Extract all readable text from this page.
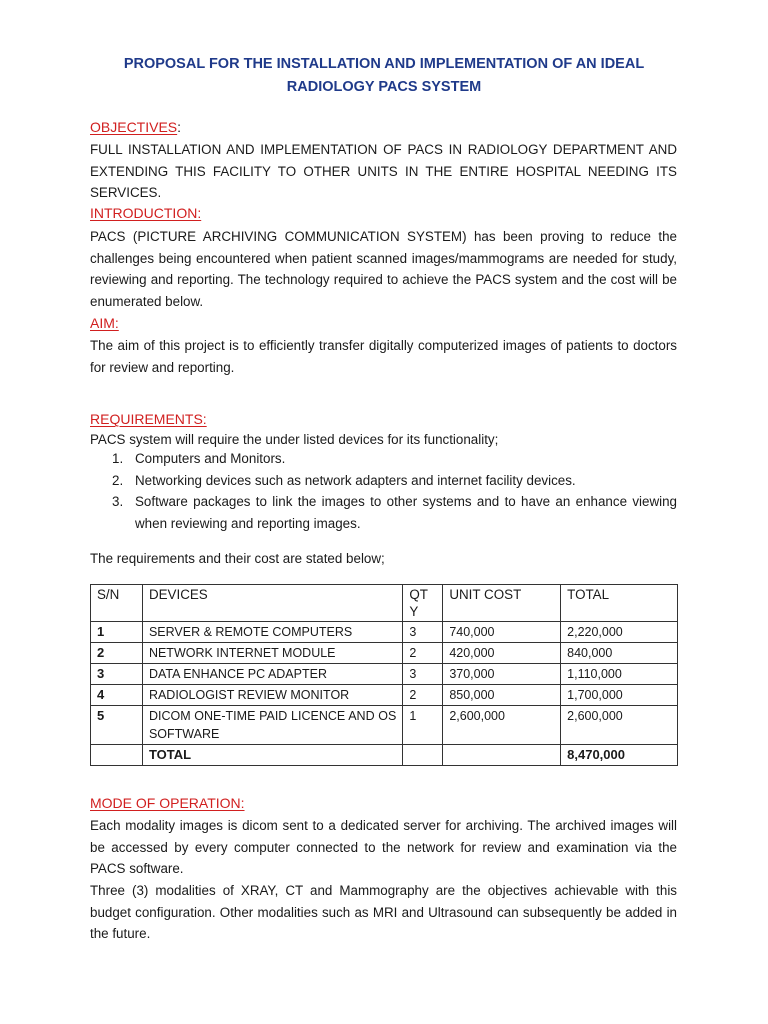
PROPOSAL FOR THE INSTALLATION AND IMPLEMENTATION OF AN IDEAL
RADIOLOGY PACS SYSTEM

OBJECTIVES:

FULL INSTALLATION AND IMPLEMENTATION OF PACS IN RADIOLOGY DEPARTMENT AND EXTENDING THIS FACILITY TO OTHER UNITS IN THE ENTIRE HOSPITAL NEEDING ITS SERVICES.

INTRODUCTION:

PACS (PICTURE ARCHIVING COMMUNICATION SYSTEM) has been proving to reduce the challenges being encountered when patient scanned images/mammograms are needed for study, reviewing and reporting. The technology required to achieve the PACS system and the cost will be enumerated below.

AIM:

The aim of this project is to efficiently transfer digitally computerized images of patients to doctors for review and reporting.

REQUIREMENTS:

PACS system will require the under listed devices for its functionality;

1. Computers and Monitors.
2. Networking devices such as network adapters and internet facility devices.
3. Software packages to link the images to other systems and to have an enhance viewing when reviewing and reporting images.

The requirements and their cost are stated below;

S/N	DEVICES	QT Y	UNIT COST	TOTAL
1	SERVER & REMOTE COMPUTERS	3	740,000	2,220,000
2	NETWORK INTERNET MODULE	2	420,000	840,000
3	DATA ENHANCE PC ADAPTER	3	370,000	1,110,000
4	RADIOLOGIST REVIEW MONITOR	2	850,000	1,700,000
5	DICOM ONE-TIME PAID LICENCE AND OS SOFTWARE	1	2,600,000	2,600,000
	TOTAL			8,470,000

MODE OF OPERATION:

Each modality images is dicom sent to a dedicated server for archiving. The archived images will be accessed by every computer connected to the network for review and examination via the PACS software.

Three (3) modalities of XRAY, CT and Mammography are the objectives achievable with this budget configuration. Other modalities such as MRI and Ultrasound can subsequently be added in the future.
